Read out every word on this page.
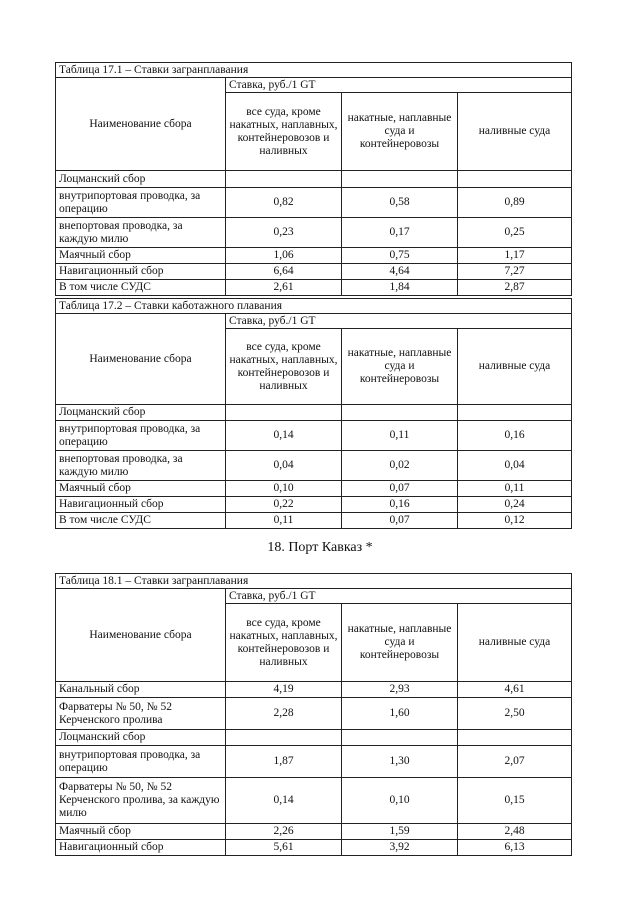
Таблица 17.1 – Ставки загранплавания			
Наименование сбора	Ставка, руб./1 GT		
	все суда, кроме накатных, наплавных, контейнеровозов и наливных	накатные, наплавные суда и контейнеровозы	наливные суда
Лоцманский сбор			
внутрипортовая проводка, за операцию	0,82	0,58	0,89
внепортовая проводка, за каждую милю	0,23	0,17	0,25
Маячный сбор	1,06	0,75	1,17
Навигационный сбор	6,64	4,64	7,27
В том числе СУДС	2,61	1,84	2,87
Таблица 17.2 – Ставки каботажного плавания			
Наименование сбора	Ставка, руб./1 GT		
	все суда, кроме накатных, наплавных, контейнеровозов и наливных	накатные, наплавные суда и контейнеровозы	наливные суда
Лоцманский сбор			
внутрипортовая проводка, за операцию	0,14	0,11	0,16
внепортовая проводка, за каждую милю	0,04	0,02	0,04
Маячный сбор	0,10	0,07	0,11
Навигационный сбор	0,22	0,16	0,24
В том числе СУДС	0,11	0,07	0,12
18. Порт Кавказ *
Таблица 18.1 – Ставки загранплавания			
Наименование сбора	Ставка, руб./1 GT		
	все суда, кроме накатных, наплавных, контейнеровозов и наливных	накатные, наплавные суда и контейнеровозы	наливные суда
Канальный сбор	4,19	2,93	4,61
Фарватеры № 50, № 52 Керченского пролива	2,28	1,60	2,50
Лоцманский сбор			
внутрипортовая проводка, за операцию	1,87	1,30	2,07
Фарватеры № 50, № 52 Керченского пролива, за каждую милю	0,14	0,10	0,15
Маячный сбор	2,26	1,59	2,48
Навигационный сбор	5,61	3,92	6,13
